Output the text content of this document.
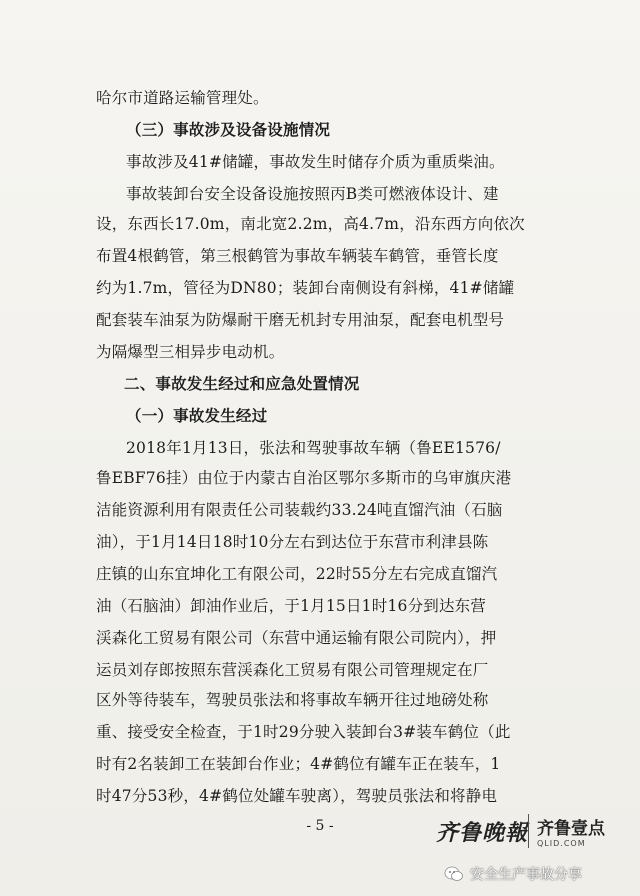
哈尔市道路运输管理处。
（三）事故涉及设备设施情况
事故涉及41#储罐，事故发生时储存介质为重质柴油。
事故装卸台安全设备设施按照丙B类可燃液体设计、建
设，东西长17.0m，南北宽2.2m，高4.7m，沿东西方向依次
布置4根鹤管，第三根鹤管为事故车辆装车鹤管，垂管长度
约为1.7m，管径为DN80；装卸台南侧设有斜梯，41#储罐
配套装车油泵为防爆耐干磨无机封专用油泵，配套电机型号
为隔爆型三相异步电动机。
二、事故发生经过和应急处置情况
（一）事故发生经过
2018年1月13日，张法和驾驶事故车辆（鲁EE1576/
鲁EBF76挂）由位于内蒙古自治区鄂尔多斯市的乌审旗庆港
洁能资源利用有限责任公司装载约33.24吨直馏汽油（石脑
油），于1月14日18时10分左右到达位于东营市利津县陈
庄镇的山东宜坤化工有限公司，22时55分左右完成直馏汽
油（石脑油）卸油作业后，于1月15日1时16分到达东营
渓森化工贸易有限公司（东营中通运输有限公司院内），押
运员刘存郎按照东营渓森化工贸易有限公司管理规定在厂
区外等待装车，驾驶员张法和将事故车辆开往过地磅处称
重、接受安全检查，于1时29分驶入装卸台3#装车鹤位（此
时有2名装卸工在装卸台作业；4#鹤位有罐车正在装车，1
时47分53秒，4#鹤位处罐车驶离），驾驶员张法和将静电
- 5 -	齐鲁晚報 齐鲁壹点
QLID.COM
安全生产事故分享
